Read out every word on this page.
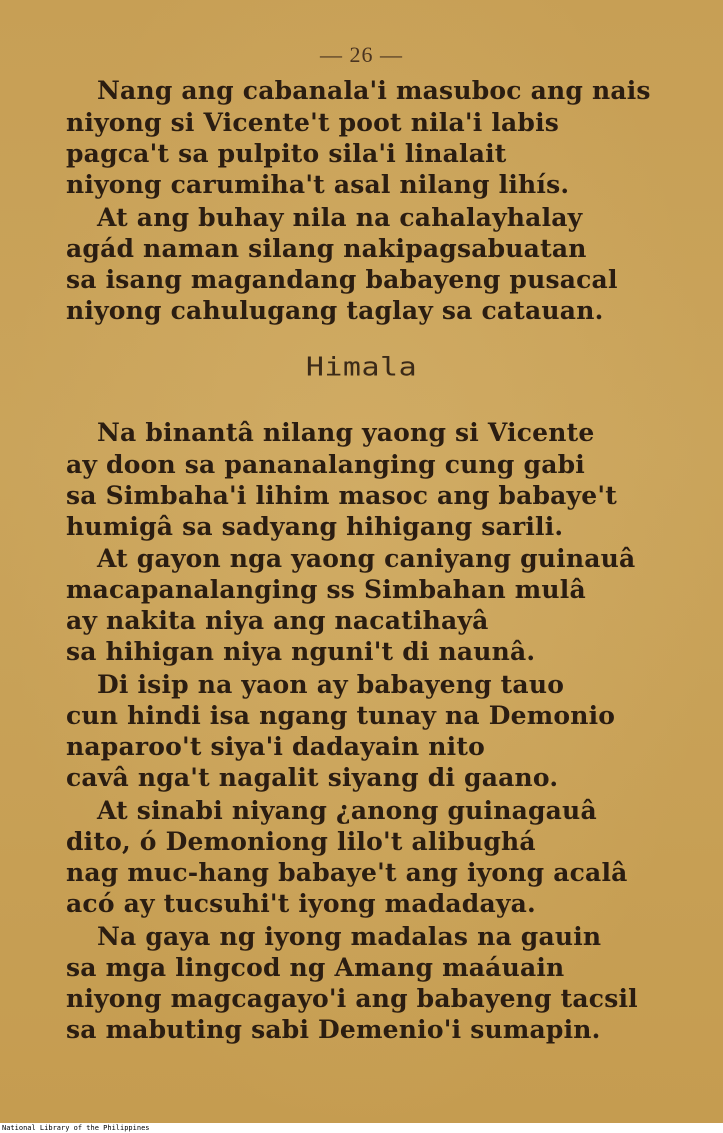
— 26 —
Nang ang cabanala'i masuboc ang nais
niyong si Vicente't poot nila'i labis
pagca't sa pulpito sila'i linalait
niyong carumiha't asal nilang lihís.
At ang buhay nila na cahalayhalay
agád naman silang nakipagsabuatan
sa isang magandang babayeng pusacal
niyong cahulugang taglay sa catauan.
Himala
Na binantâ nilang yaong si Vicente
ay doon sa pananalanging cung gabi
sa Simbaha'i lihim masoc ang babaye't
humigâ sa sadyang hihigang sarili.
At gayon nga yaong caniyang guinauâ
macapanalanging ss Simbahan mulâ
ay nakita niya ang nacatihayâ
sa hihigan niya nguni't di naunâ.
Di isip na yaon ay babayeng tauo
cun hindi isa ngang tunay na Demonio
naparoo't siya'i dadayain nito
cavâ nga't nagalit siyang di gaano.
At sinabi niyang ¿anong guinagauâ
dito, ó Demoniong lilo't alibughá
nag muc-hang babaye't ang iyong acalâ
acó ay tucsuhi't iyong madadaya.
Na gaya ng iyong madalas na gauin
sa mga lingcod ng Amang maáuain
niyong magcagayo'i ang babayeng tacsil
sa mabuting sabi Demenio'i sumapin.
National Library of the Philippines
